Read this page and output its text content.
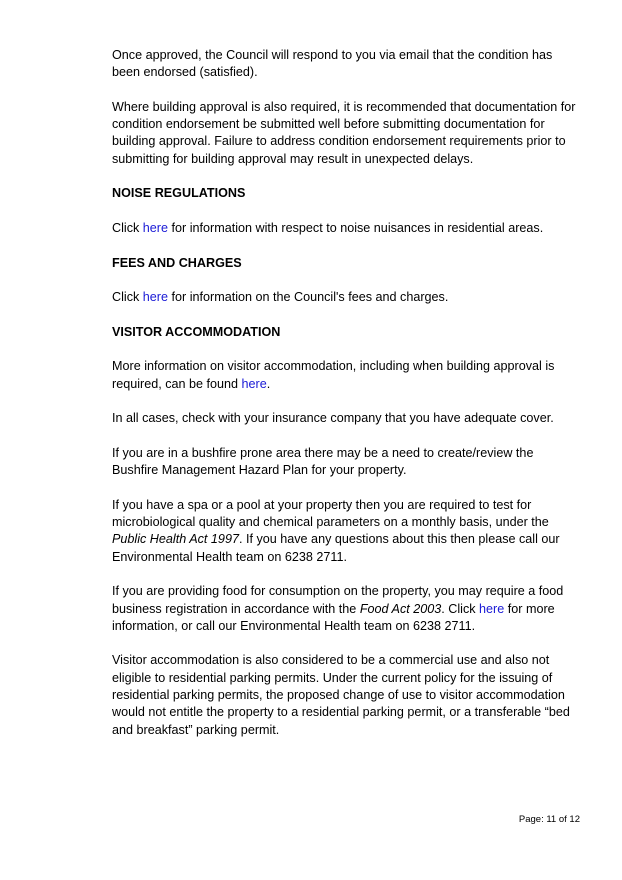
Once approved, the Council will respond to you via email that the condition has been endorsed (satisfied).

Where building approval is also required, it is recommended that documentation for condition endorsement be submitted well before submitting documentation for building approval. Failure to address condition endorsement requirements prior to submitting for building approval may result in unexpected delays.

NOISE REGULATIONS

Click here for information with respect to noise nuisances in residential areas.

FEES AND CHARGES

Click here for information on the Council's fees and charges.

VISITOR ACCOMMODATION

More information on visitor accommodation, including when building approval is required, can be found here.

In all cases, check with your insurance company that you have adequate cover.

If you are in a bushfire prone area there may be a need to create/review the Bushfire Management Hazard Plan for your property.

If you have a spa or a pool at your property then you are required to test for microbiological quality and chemical parameters on a monthly basis, under the Public Health Act 1997. If you have any questions about this then please call our Environmental Health team on 6238 2711.

If you are providing food for consumption on the property, you may require a food business registration in accordance with the Food Act 2003. Click here for more information, or call our Environmental Health team on 6238 2711.

Visitor accommodation is also considered to be a commercial use and also not eligible to residential parking permits. Under the current policy for the issuing of residential parking permits, the proposed change of use to visitor accommodation would not entitle the property to a residential parking permit, or a transferable “bed and breakfast” parking permit.

Page: 11 of 12
